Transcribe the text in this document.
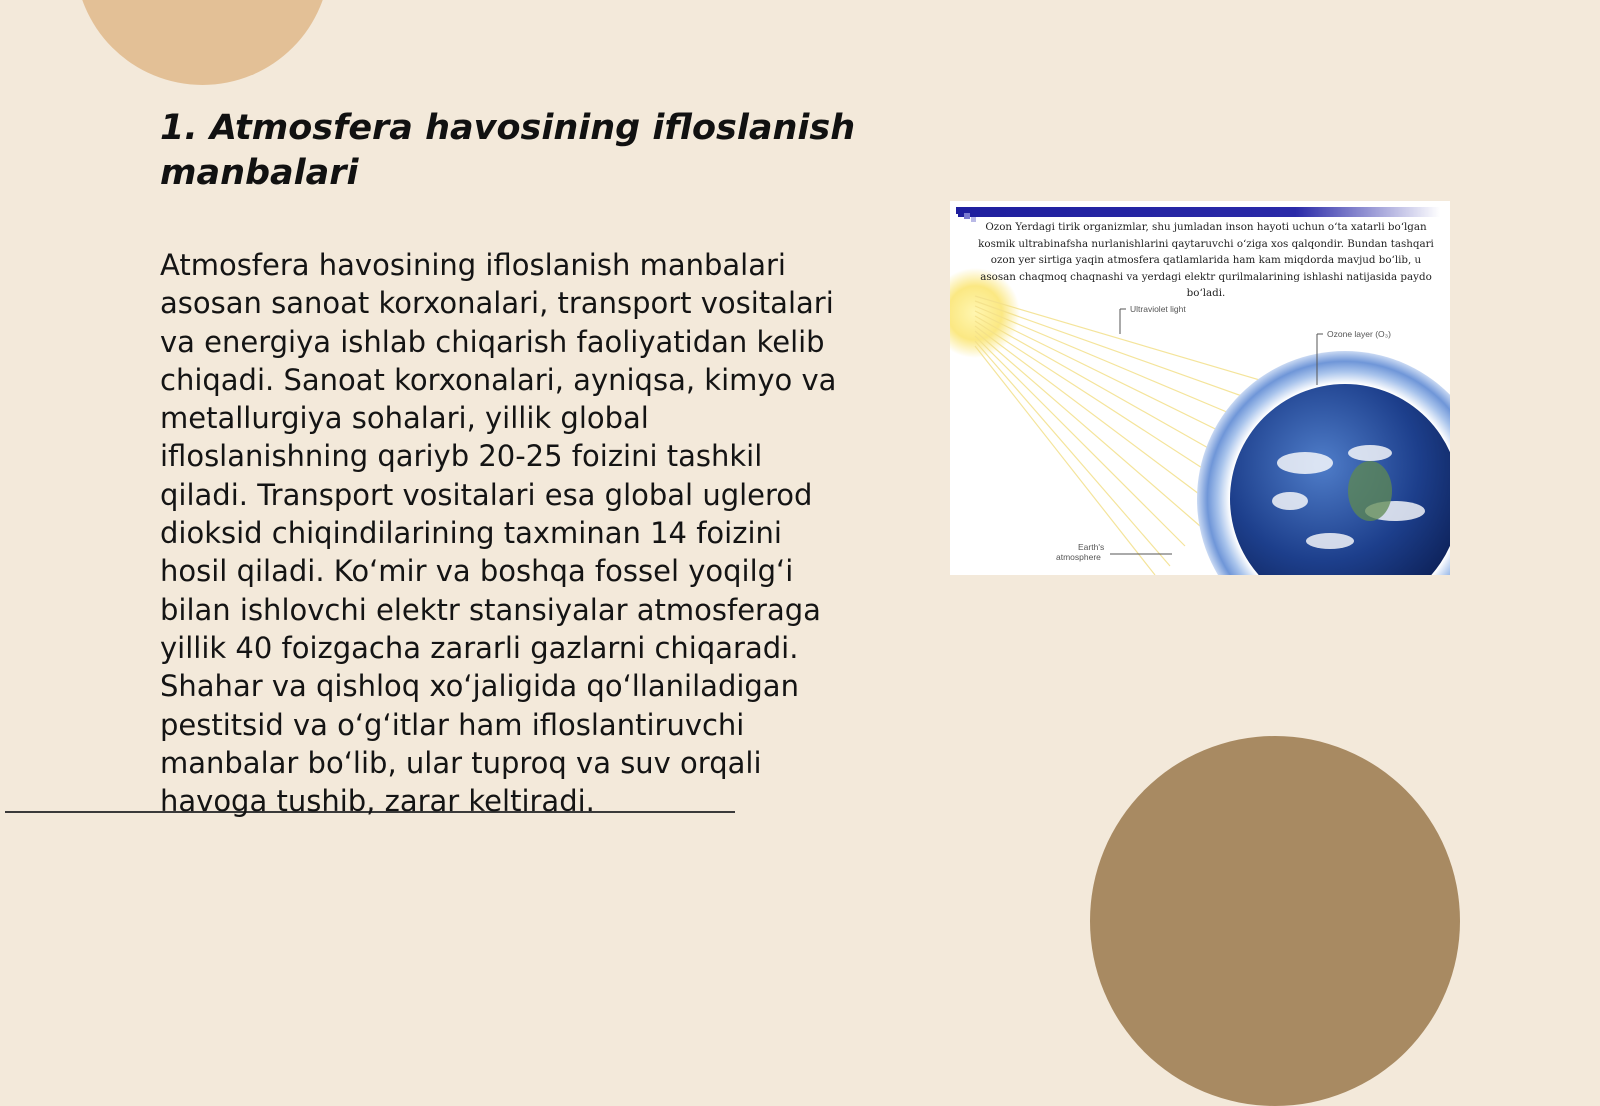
1. Atmosfera havosining ifloslanish manbalari

Atmosfera havosining ifloslanish manbalari asosan sanoat korxonalari, transport vositalari va energiya ishlab chiqarish faoliyatidan kelib chiqadi. Sanoat korxonalari, ayniqsa, kimyo va metallurgiya sohalari, yillik global ifloslanishning qariyb 20-25 foizini tashkil qiladi. Transport vositalari esa global uglerod dioksid chiqindilarining taxminan 14 foizini hosil qiladi. Ko‘mir va boshqa fossel yoqilg‘i bilan ishlovchi elektr stansiyalar atmosferaga yillik 40 foizgacha zararli gazlarni chiqaradi. Shahar va qishloq xo‘jaligida qo‘llaniladigan pestitsid va o‘g‘itlar ham ifloslantiruvchi manbalar bo‘lib, ular tuproq va suv orqali havoga tushib, zarar keltiradi.

Ozon Yerdagi tirik organizmlar, shu jumladan inson hayoti uchun o‘ta xatarli bo‘lgan kosmik ultrabinafsha nurlanishlarini qaytaruvchi o‘ziga xos qalqondir. Bundan tashqari ozon yer sirtiga yaqin atmosfera qatlamlarida ham kam miqdorda mavjud bo‘lib, u asosan chaqmoq chaqnashi va yerdagi elektr qurilmalarining ishlashi natijasida paydo bo‘ladi.

Ultraviolet light
Ozone layer (O₃)
Earth's
atmosphere
